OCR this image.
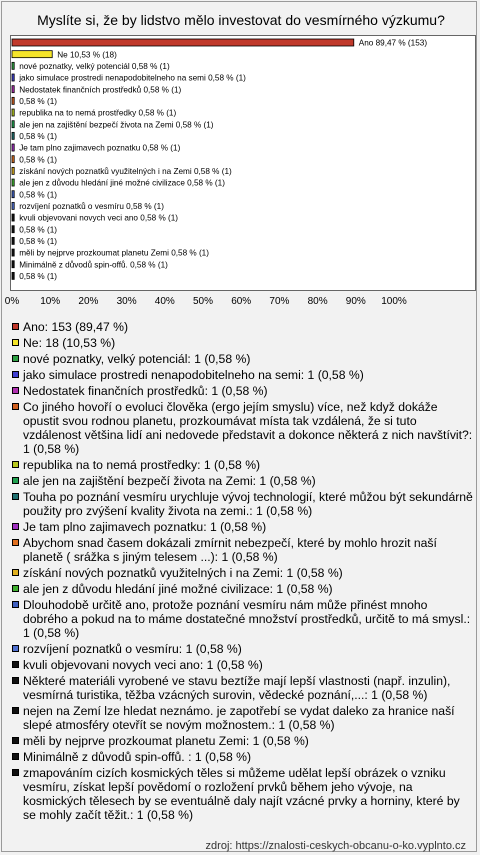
Myslíte si, že by lidstvo mělo investovat do vesmírného výzkumu?
Ano 89,47 % (153)
Ne 10,53 % (18)
nové poznatky, velký potenciál 0,58 % (1)
jako simulace prostredi nenapodobitelneho na semi 0,58 % (1)
Nedostatek finančních prostředků 0,58 % (1)
0,58 % (1)
republika na to nemá prostředky 0,58 % (1)
ale jen na zajištění bezpečí života na Zemi 0,58 % (1)
0,58 % (1)
Je tam plno zajimavech poznatku 0,58 % (1)
0,58 % (1)
získání nových poznatků využitelných i na Zemi 0,58 % (1)
ale jen z důvodu hledání jiné možné civilizace 0,58 % (1)
0,58 % (1)
rozvíjení poznatků o vesmíru 0,58 % (1)
kvuli objevovani novych veci ano 0,58 % (1)
0,58 % (1)
0,58 % (1)
měli by nejprve prozkoumat planetu Zemi 0,58 % (1)
Minimálně z důvodů spin-offů. 0,58 % (1)
0,58 % (1)
0% 10% 20% 30% 40% 50% 60% 70% 80% 90% 100%
Ano: 153 (89,47 %)
Ne: 18 (10,53 %)
nové poznatky, velký potenciál: 1 (0,58 %)
jako simulace prostredi nenapodobitelneho na semi: 1 (0,58 %)
Nedostatek finančních prostředků: 1 (0,58 %)
Co jiného hovoří o evoluci člověka (ergo jejím smyslu) více, než když dokáže opustit svou rodnou planetu, prozkoumávat místa tak vzdálená, že si tuto vzdálenost většina lidí ani nedovede představit a dokonce některá z nich navštívit?: 1 (0,58 %)
republika na to nemá prostředky: 1 (0,58 %)
ale jen na zajištění bezpečí života na Zemi: 1 (0,58 %)
Touha po poznání vesmíru urychluje vývoj technologií, které můžou být sekundárně použity pro zvýšení kvality života na zemi.: 1 (0,58 %)
Je tam plno zajimavech poznatku: 1 (0,58 %)
Abychom snad časem dokázali zmírnit nebezpečí, které by mohlo hrozit naší planetě ( srážka s jiným telesem ...): 1 (0,58 %)
získání nových poznatků využitelných i na Zemi: 1 (0,58 %)
ale jen z důvodu hledání jiné možné civilizace: 1 (0,58 %)
Dlouhodobě určitě ano, protože poznání vesmíru nám může přinést mnoho dobrého a pokud na to máme dostatečné množství prostředků, určitě to má smysl.: 1 (0,58 %)
rozvíjení poznatků o vesmíru: 1 (0,58 %)
kvuli objevovani novych veci ano: 1 (0,58 %)
Některé materiáli vyrobené ve stavu beztíže mají lepší vlastnosti (např. inzulin), vesmírná turistika, těžba vzácných surovin, vědecké poznání,...: 1 (0,58 %)
nejen na Zemí lze hledat neznámo. je zapotřebí se vydat daleko za hranice naší slepé atmosféry otevřít se novým možnostem.: 1 (0,58 %)
měli by nejprve prozkoumat planetu Zemi: 1 (0,58 %)
Minimálně z důvodů spin-offů. : 1 (0,58 %)
zmapováním cizích kosmických těles si můžeme udělat lepší obrázek o vzniku vesmíru, získat lepší povědomí o rozložení prvků během jeho vývoje, na kosmických tělesech by se eventuálně daly najít vzácné prvky a horniny, které by se mohly začít těžit.: 1 (0,58 %)
zdroj: https://znalosti-ceskych-obcanu-o-ko.vyplnto.cz
